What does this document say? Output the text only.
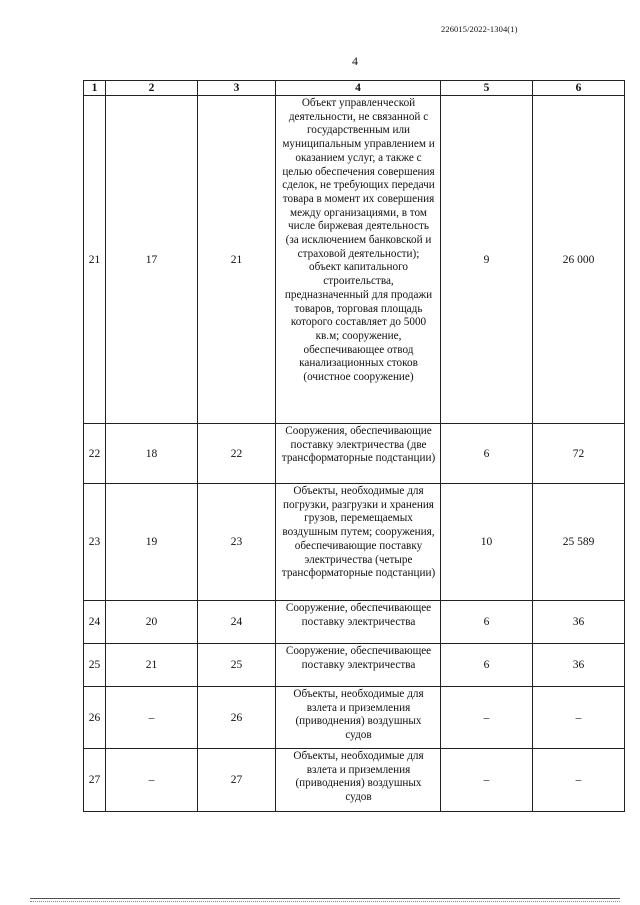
226015/2022-1304(1)
4
1	2	3	4	5	6
21	17	21	Объект управленческой деятельности, не связанной с государственным или муниципальным управлением и оказанием услуг, а также с целью обеспечения совершения сделок, не требующих передачи товара в момент их совершения между организациями, в том числе биржевая деятельность (за исключением банковской и страховой деятельности); объект капитального строительства, предназначенный для продажи товаров, торговая площадь которого составляет до 5000 кв.м; сооружение, обеспечивающее отвод канализационных стоков (очистное сооружение)	9	26 000
22	18	22	Сооружения, обеспечивающие поставку электричества (две трансформаторные подстанции)	6	72
23	19	23	Объекты, необходимые для погрузки, разгрузки и хранения грузов, перемещаемых воздушным путем; сооружения, обеспечивающие поставку электричества (четыре трансформаторные подстанции)	10	25 589
24	20	24	Сооружение, обеспечивающее поставку электричества	6	36
25	21	25	Сооружение, обеспечивающее поставку электричества	6	36
26	–	26	Объекты, необходимые для взлета и приземления (приводнения) воздушных судов	–	–
27	–	27	Объекты, необходимые для взлета и приземления (приводнения) воздушных судов	–	–
